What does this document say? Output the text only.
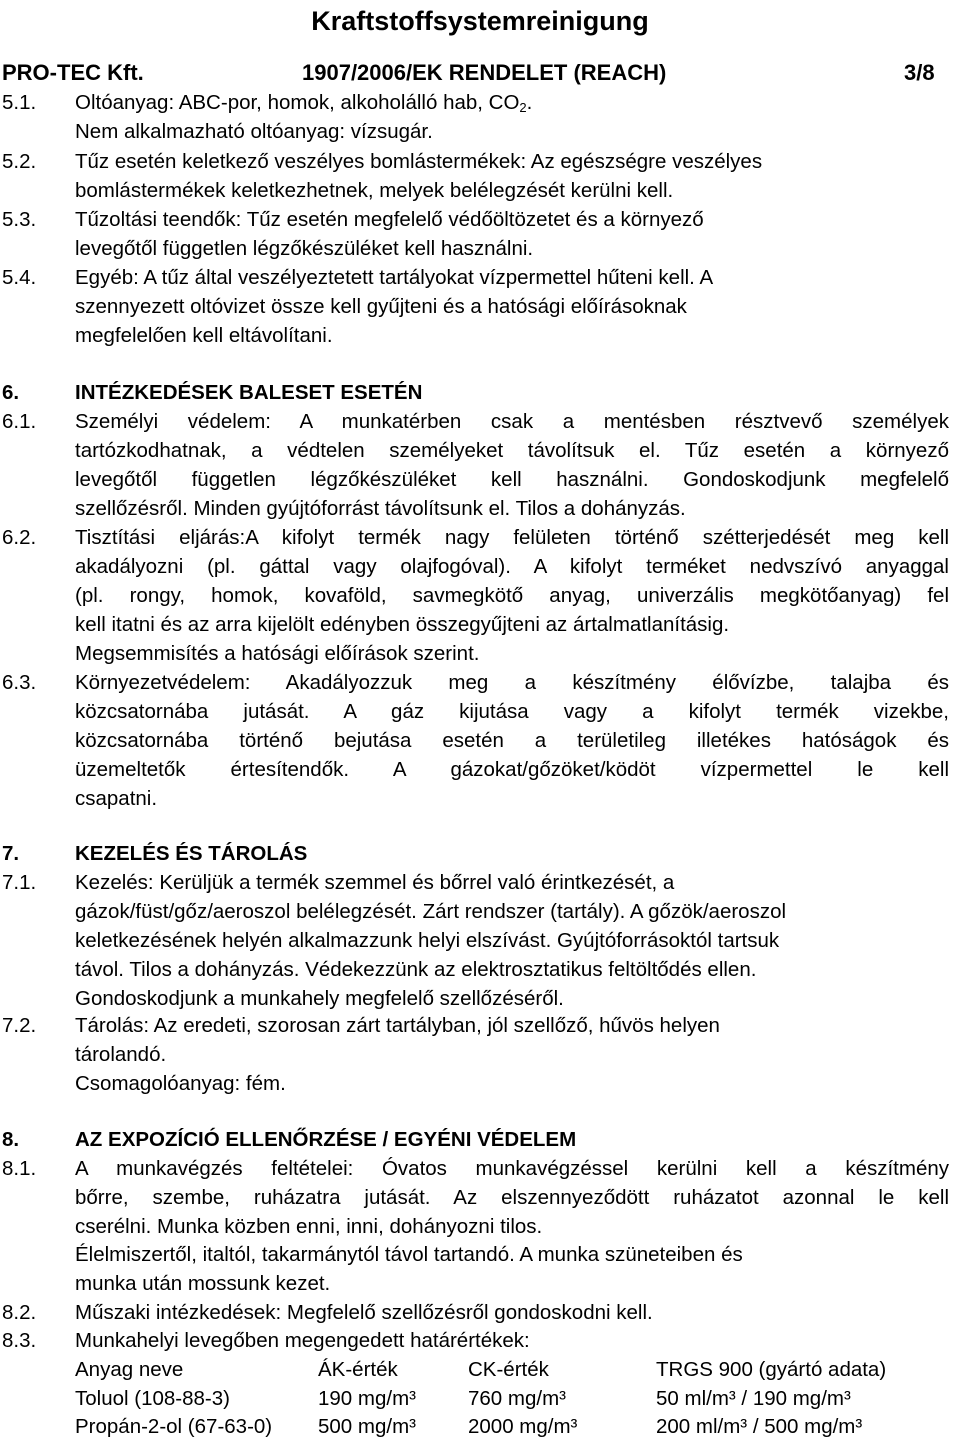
Kraftstoffsystemreinigung
PRO-TEC Kft.	1907/2006/EK RENDELET (REACH)	3/8
5.1.	Oltóanyag: ABC-por, homok, alkoholálló hab, $CO_2$.
Nem alkalmazható oltóanyag: vízsugár.
5.2.	Tűz esetén keletkező veszélyes bomlástermékek: Az egészségre veszélyes
bomlástermékek keletkezhetnek, melyek belélegzését kerülni kell.
5.3.	Tűzoltási teendők: Tűz esetén megfelelő védőöltözetet és a környező
levegőtől független légzőkészüléket kell használni.
5.4.	Egyéb: A tűz által veszélyeztetett tartályokat vízpermettel hűteni kell. A
szennyezett oltóvizet össze kell gyűjteni és a hatósági előírásoknak
megfelelően kell eltávolítani.
6.	INTÉZKEDÉSEK BALESET ESETÉN
6.1.	Személyi védelem: A munkatérben csak a mentésben résztvevő személyek
tartózkodhatnak, a védtelen személyeket távolítsuk el. Tűz esetén a környező
levegőtől független légzőkészüléket kell használni. Gondoskodjunk megfelelő
szellőzésről. Minden gyújtóforrást távolítsunk el. Tilos a dohányzás.
6.2.	Tisztítási eljárás:A kifolyt termék nagy felületen történő szétterjedését meg kell
akadályozni (pl. gáttal vagy olajfogóval). A kifolyt terméket nedvszívó anyaggal
(pl. rongy, homok, kovaföld, savmegkötő anyag, univerzális megkötőanyag) fel
kell itatni és az arra kijelölt edényben összegyűjteni az ártalmatlanításig.
Megsemmisítés a hatósági előírások szerint.
6.3.	Környezetvédelem: Akadályozzuk meg a készítmény élővízbe, talajba és
közcsatornába jutását. A gáz kijutása vagy a kifolyt termék vizekbe,
közcsatornába történő bejutása esetén a területileg illetékes hatóságok és
üzemeltetők értesítendők. A gázokat/gőzöket/ködöt vízpermettel le kell
csapatni.
7.	KEZELÉS ÉS TÁROLÁS
7.1.	Kezelés: Kerüljük a termék szemmel és bőrrel való érintkezését, a
gázok/füst/gőz/aeroszol belélegzését. Zárt rendszer (tartály). A gőzök/aeroszol
keletkezésének helyén alkalmazzunk helyi elszívást. Gyújtóforrásoktól tartsuk
távol. Tilos a dohányzás. Védekezzünk az elektrosztatikus feltöltődés ellen.
Gondoskodjunk a munkahely megfelelő szellőzéséről.
7.2.	Tárolás: Az eredeti, szorosan zárt tartályban, jól szellőző, hűvös helyen
tárolandó.
Csomagolóanyag: fém.
8.	AZ EXPOZÍCIÓ ELLENŐRZÉSE / EGYÉNI VÉDELEM
8.1.	A munkavégzés feltételei: Óvatos munkavégzéssel kerülni kell a készítmény
bőrre, szembe, ruházatra jutását. Az elszennyeződött ruházatot azonnal le kell
cserélni. Munka közben enni, inni, dohányozni tilos.
Élelmiszertől, italtól, takarmánytól távol tartandó. A munka szüneteiben és
munka után mossunk kezet.
8.2.	Műszaki intézkedések: Megfelelő szellőzésről gondoskodni kell.
8.3.	Munkahelyi levegőben megengedett határértékek:
Anyag neve	ÁK-érték	CK-érték	TRGS 900 (gyártó adata)
Toluol (108-88-3)	190 mg/m³	760 mg/m³	50 ml/m³ / 190 mg/m³
Propán-2-ol (67-63-0) 500 mg/m³	2000 mg/m³	200 ml/m³ / 500 mg/m³
